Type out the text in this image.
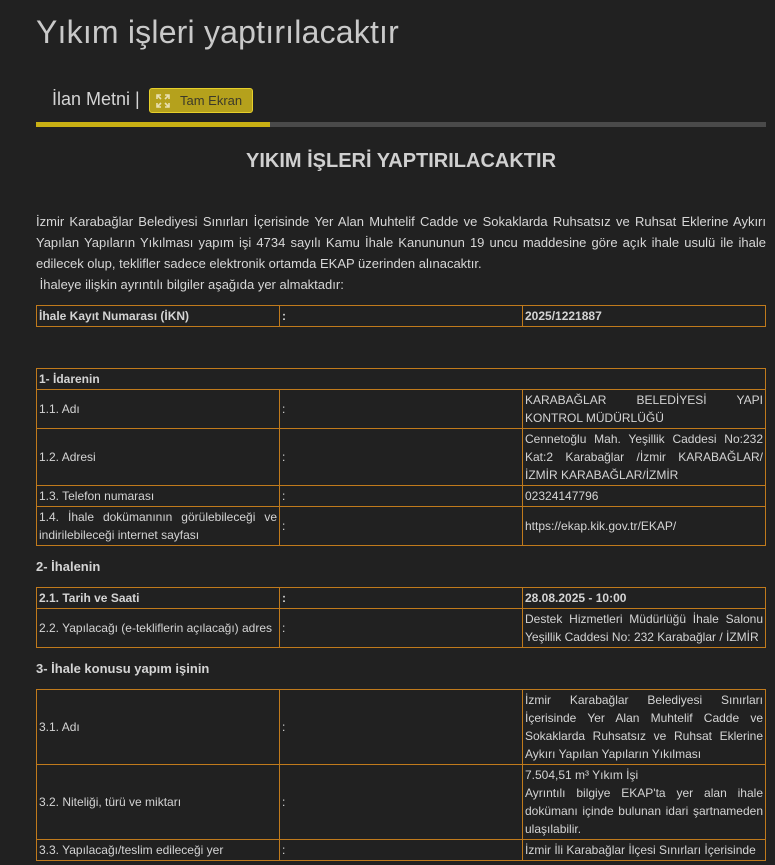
Yıkım işleri yaptırılacaktır
İlan Metni |	Tam Ekran
YIKIM İŞLERİ YAPTIRILACAKTIR

İzmir Karabağlar Belediyesi Sınırları İçerisinde Yer Alan Muhtelif Cadde ve Sokaklarda Ruhsatsız ve Ruhsat Eklerine Aykırı Yapılan Yapıların Yıkılması yapım işi 4734 sayılı Kamu İhale Kanununun 19 uncu maddesine göre açık ihale usulü ile ihale edilecek olup, teklifler sadece elektronik ortamda EKAP üzerinden alınacaktır.

İhaleye ilişkin ayrıntılı bilgiler aşağıda yer almaktadır:

İhale Kayıt Numarası (İKN)	:	2025/1221887
1- İdarenin		
1.1. Adı	:	KARABAĞLAR BELEDİYESİ YAPI KONTROL MÜDÜRLÜĞÜ
1.2. Adresi	:	Cennetoğlu Mah. Yeşillik Caddesi No:232 Kat:2 Karabağlar /İzmir KARABAĞLAR/İZMİR KARABAĞLAR/İZMİR
1.3. Telefon numarası	:	02324147796
1.4. İhale dokümanının görülebileceği ve indirilebileceği internet sayfası	:	https://ekap.kik.gov.tr/EKAP/
2- İhalenin
2.1. Tarih ve Saati	:	28.08.2025 - 10:00
2.2. Yapılacağı (e-tekliflerin açılacağı) adres	:	Destek Hizmetleri Müdürlüğü İhale Salonu Yeşillik Caddesi No: 232 Karabağlar / İZMİR
3- İhale konusu yapım işinin
3.1. Adı	:	İzmir Karabağlar Belediyesi Sınırları İçerisinde Yer Alan Muhtelif Cadde ve Sokaklarda Ruhsatsız ve Ruhsat Eklerine Aykırı Yapılan Yapıların Yıkılması
3.2. Niteliği, türü ve miktarı	:	7.504,51 m³ Yıkım İşi
Ayrıntılı bilgiye EKAP'ta yer alan ihale dokümanı içinde bulunan idari şartnameden ulaşılabilir.

3.3. Yapılacağı/teslim edileceği yer	:	İzmir İli Karabağlar İlçesi Sınırları İçerisinde
